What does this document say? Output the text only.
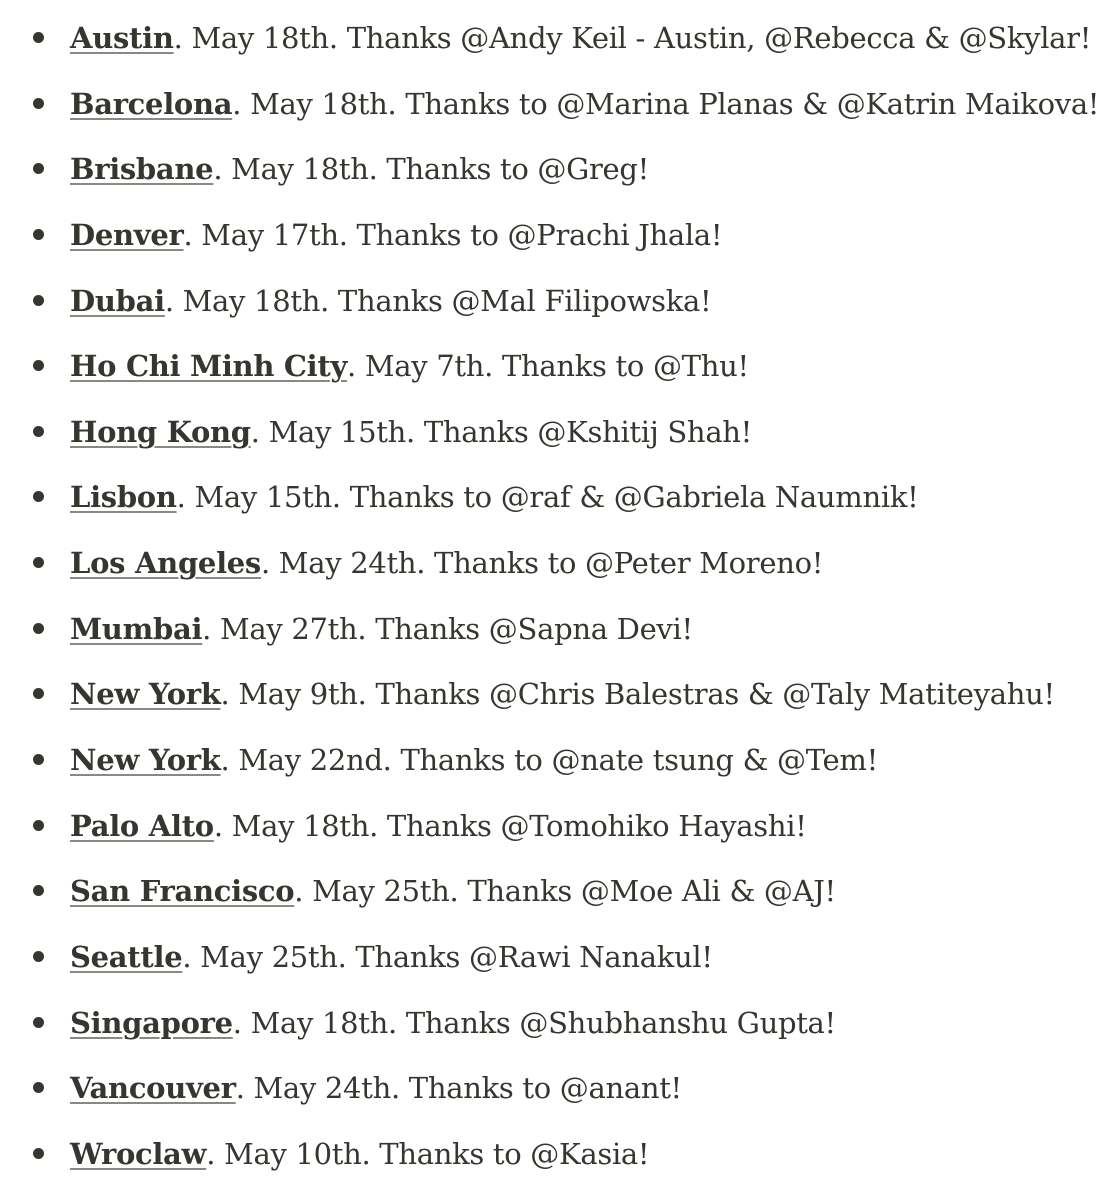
Austin. May 18th. Thanks @Andy Keil - Austin, @Rebecca & @Skylar!
Barcelona. May 18th. Thanks to @Marina Planas & @Katrin Maikova!
Brisbane. May 18th. Thanks to @Greg!
Denver. May 17th. Thanks to @Prachi Jhala!
Dubai. May 18th. Thanks @Mal Filipowska!
Ho Chi Minh City. May 7th. Thanks to @Thu!
Hong Kong. May 15th. Thanks @Kshitij Shah!
Lisbon. May 15th. Thanks to @raf & @Gabriela Naumnik!
Los Angeles. May 24th. Thanks to @Peter Moreno!
Mumbai. May 27th. Thanks @Sapna Devi!
New York. May 9th. Thanks @Chris Balestras & @Taly Matiteyahu!
New York. May 22nd. Thanks to @nate tsung & @Tem!
Palo Alto. May 18th. Thanks @Tomohiko Hayashi!
San Francisco. May 25th. Thanks @Moe Ali & @AJ!
Seattle. May 25th. Thanks @Rawi Nanakul!
Singapore. May 18th. Thanks @Shubhanshu Gupta!
Vancouver. May 24th. Thanks to @anant!
Wroclaw. May 10th. Thanks to @Kasia!
